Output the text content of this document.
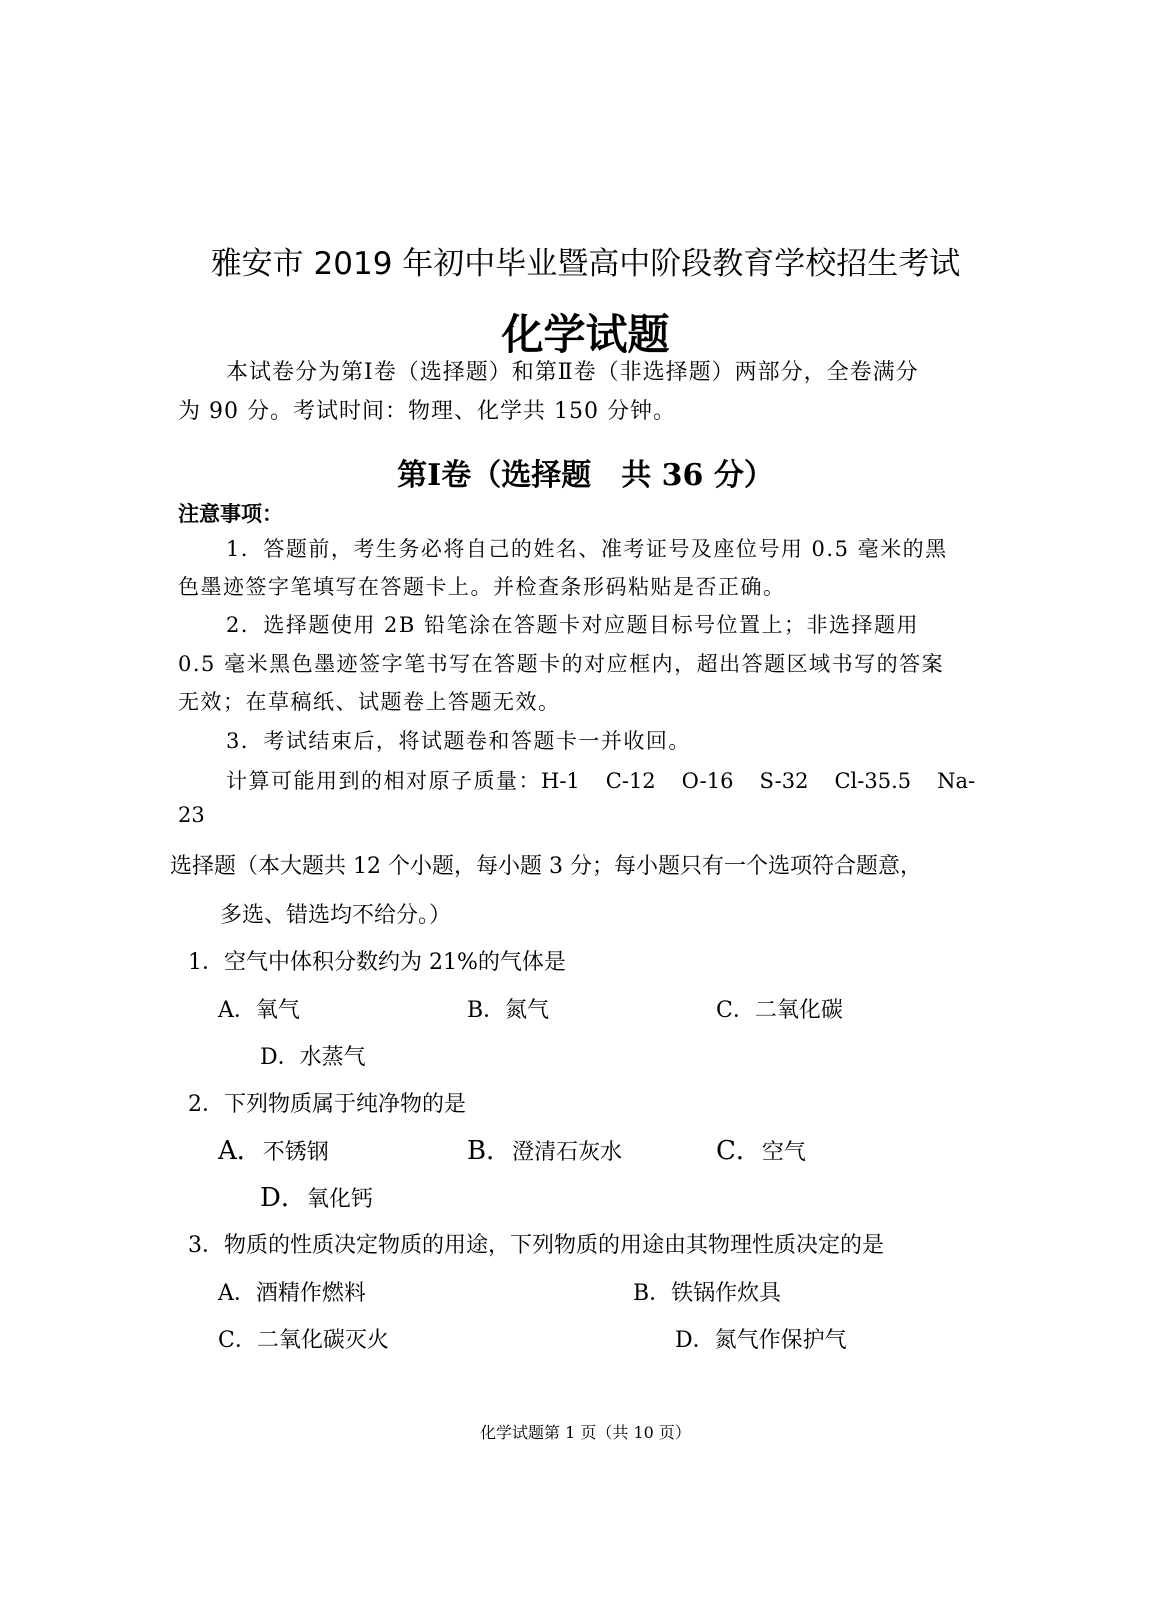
雅安市 2019 年初中毕业暨高中阶段教育学校招生考试
化学试题
本试卷分为第Ⅰ卷（选择题）和第Ⅱ卷（非选择题）两部分，全卷满分
为 90 分。考试时间：物理、化学共 150 分钟。
第Ⅰ卷（选择题　共 36 分）
注意事项：
1．答题前，考生务必将自己的姓名、准考证号及座位号用 0.5 毫米的黑
色墨迹签字笔填写在答题卡上。并检查条形码粘贴是否正确。
2．选择题使用 2B 铅笔涂在答题卡对应题目标号位置上；非选择题用
0.5 毫米黑色墨迹签字笔书写在答题卡的对应框内，超出答题区域书写的答案
无效；在草稿纸、试题卷上答题无效。
3．考试结束后，将试题卷和答题卡一并收回。
计算可能用到的相对原子质量：H-1 C-12 O-16 S-32 Cl-35.5 Na-
23
选择题（本大题共 12 个小题，每小题 3 分；每小题只有一个选项符合题意，
多选、错选均不给分。）
1．空气中体积分数约为 21%的气体是
A．氧气	B．氮气	C．二氧化碳
D．水蒸气
2．下列物质属于纯净物的是
A．不锈钢	B．澄清石灰水	C．空气
D．氧化钙
3．物质的性质决定物质的用途，下列物质的用途由其物理性质决定的是
A．酒精作燃料	B．铁锅作炊具
C．二氧化碳灭火	D．氮气作保护气
化学试题第 1 页（共 10 页）
